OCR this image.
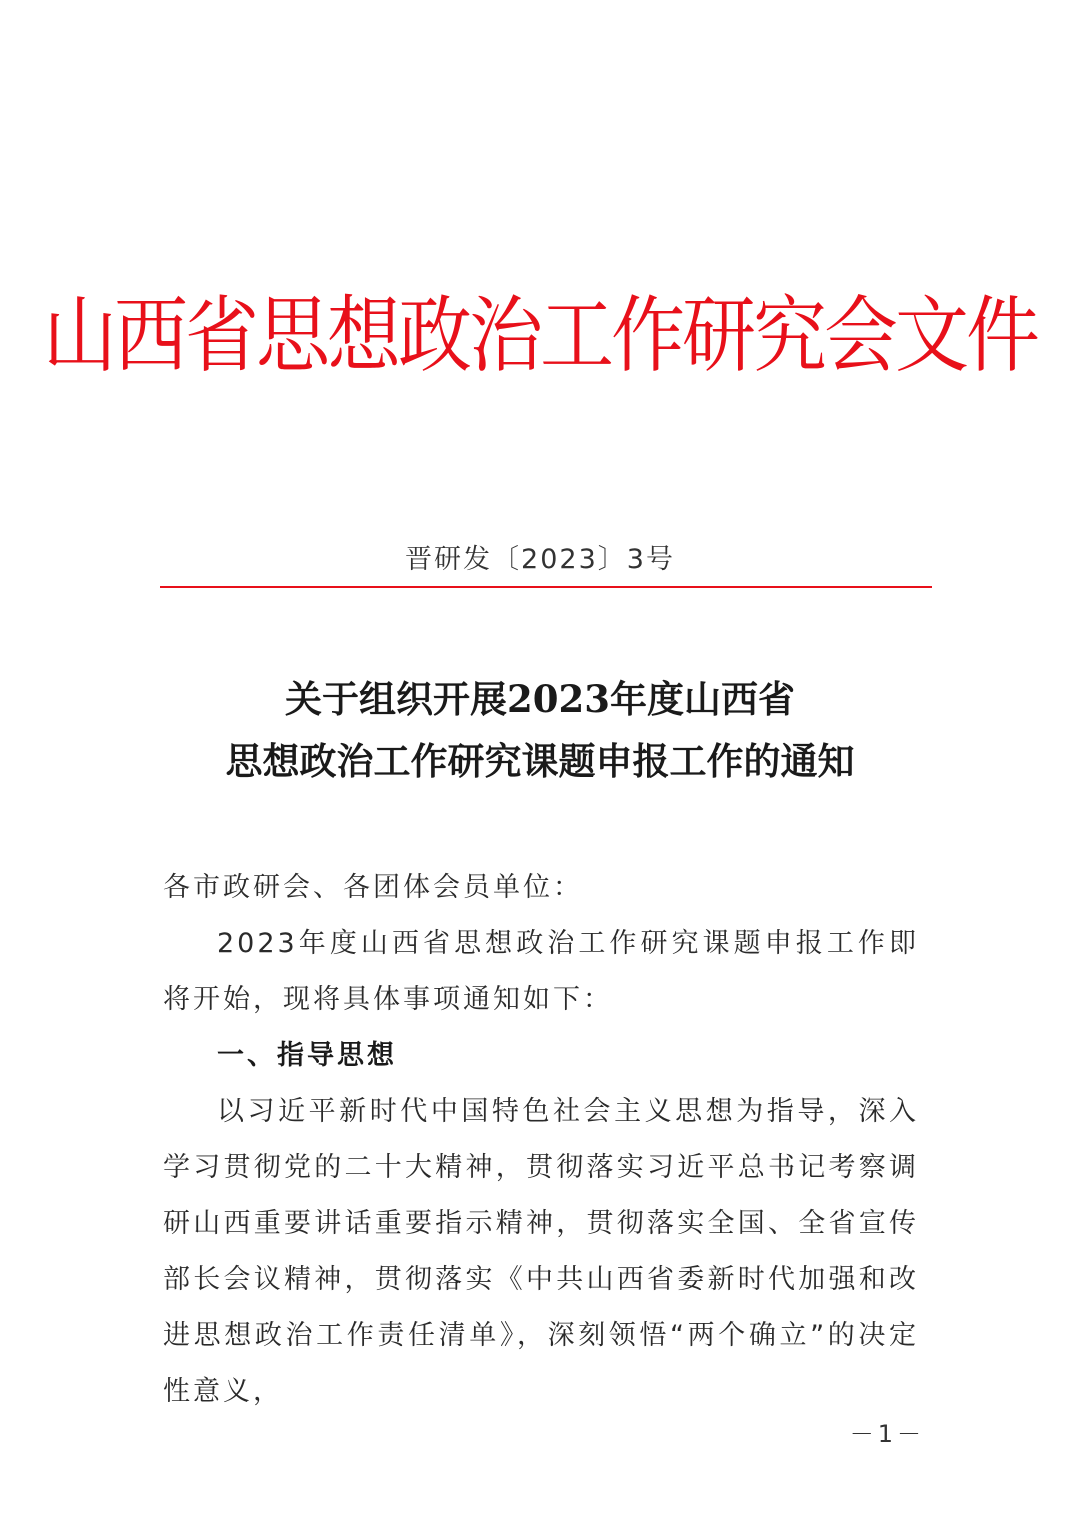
山西省思想政治工作研究会文件
晋研发〔2023〕3号
关于组织开展2023年度山西省
思想政治工作研究课题申报工作的通知

各市政研会、各团体会员单位：

2023年度山西省思想政治工作研究课题申报工作即将开始，现将具体事项通知如下：

一、指导思想

以习近平新时代中国特色社会主义思想为指导，深入学习贯彻党的二十大精神，贯彻落实习近平总书记考察调研山西重要讲话重要指示精神，贯彻落实全国、全省宣传部长会议精神，贯彻落实《中共山西省委新时代加强和改进思想政治工作责任清单》，深刻领悟“两个确立”的决定性意义，

－1－
